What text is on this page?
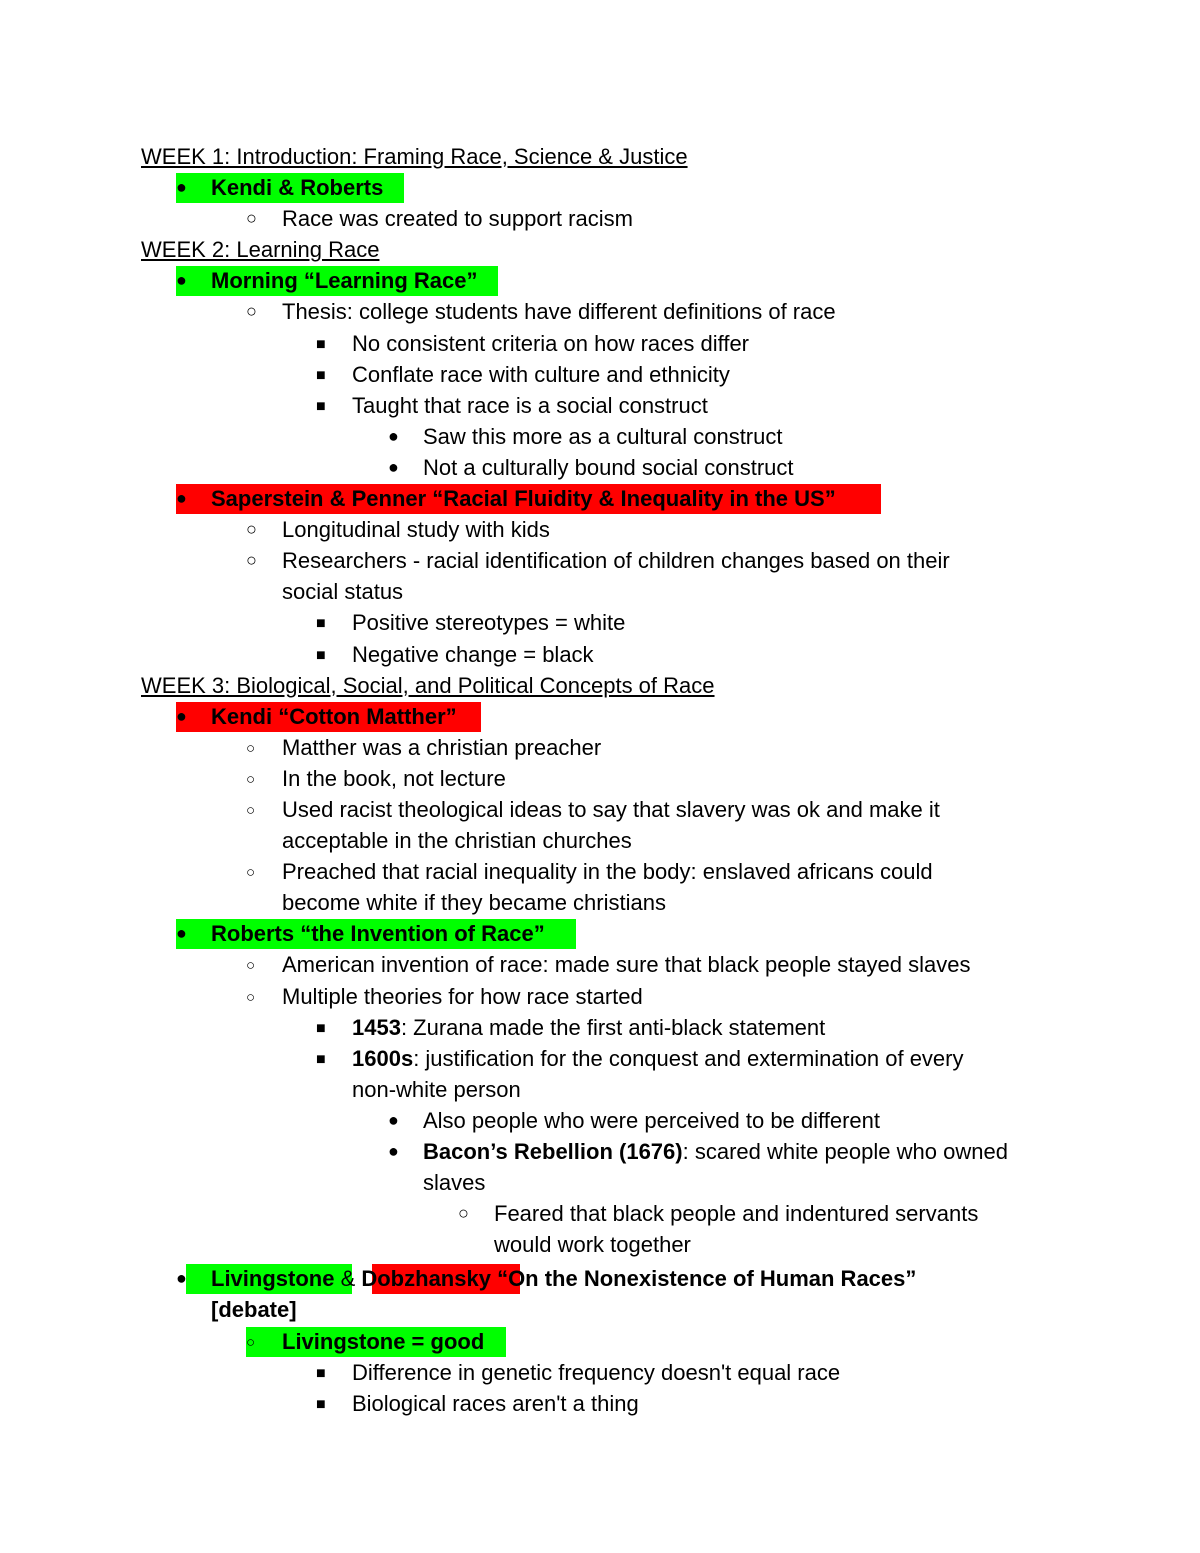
WEEK 1: Introduction: Framing Race, Science & Justice
●
Kendi & Roberts
○
Race was created to support racism
WEEK 2: Learning Race
●
Morning “Learning Race”
○
Thesis: college students have different definitions of race
■
No consistent criteria on how races differ
■
Conflate race with culture and ethnicity
■
Taught that race is a social construct
●
Saw this more as a cultural construct
●
Not a culturally bound social construct
●
Saperstein & Penner “Racial Fluidity & Inequality in the US”
○
Longitudinal study with kids
○
Researchers - racial identification of children changes based on their
social status
■
Positive stereotypes = white
■
Negative change = black
WEEK 3: Biological, Social, and Political Concepts of Race
●
Kendi “Cotton Matther”
○
Matther was a christian preacher
○
In the book, not lecture
○
Used racist theological ideas to say that slavery was ok and make it
acceptable in the christian churches
○
Preached that racial inequality in the body: enslaved africans could
become white if they became christians
●
Roberts “the Invention of Race”
○
American invention of race: made sure that black people stayed slaves
○
Multiple theories for how race started
■
1453: Zurana made the first anti-black statement
■
1600s: justification for the conquest and extermination of every
non-white person
●
Also people who were perceived to be different
●
Bacon’s Rebellion (1676): scared white people who owned
slaves
○
Feared that black people and indentured servants
would work together
●
Livingstone & Dobzhansky “On the Nonexistence of Human Races”
[debate]
○
Livingstone = good
■
Difference in genetic frequency doesn't equal race
■
Biological races aren't a thing
